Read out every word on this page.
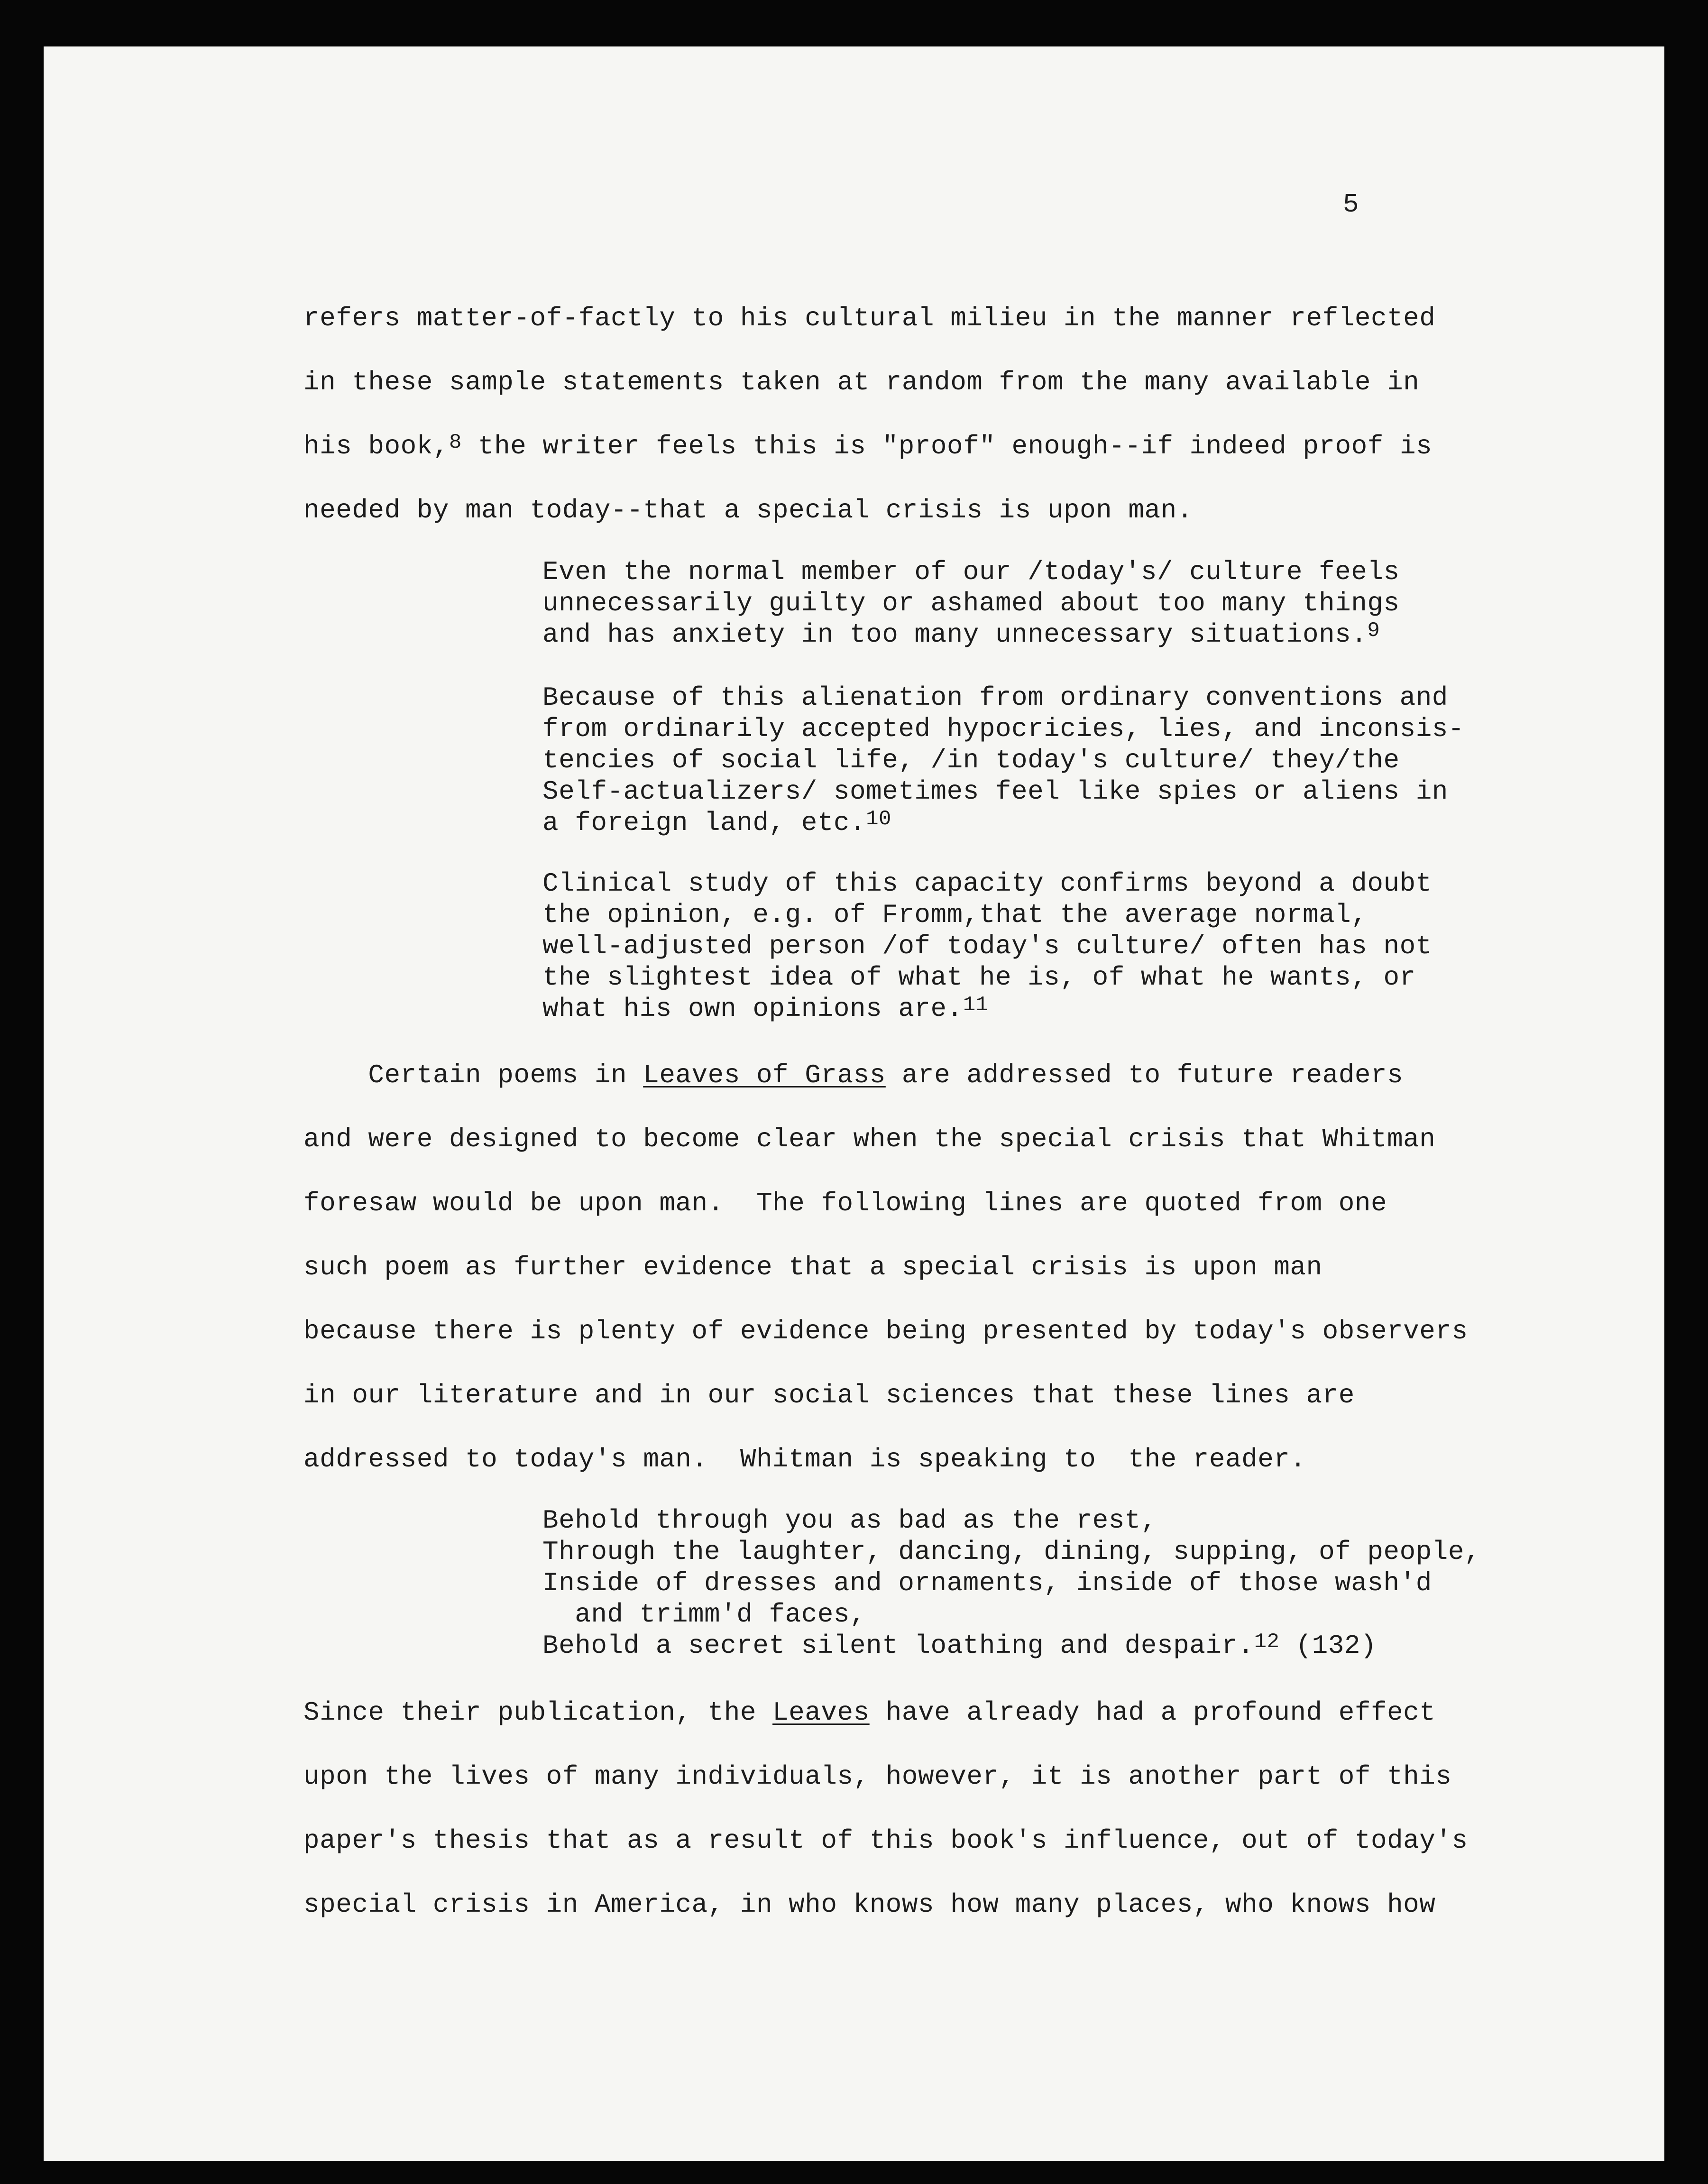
5
refers matter-of-factly to his cultural milieu in the manner reflected
in these sample statements taken at random from the many available in
his book,$^8$ the writer feels this is "proof" enough--if indeed proof is
needed by man today--that a special crisis is upon man.
Even the normal member of our /today's/ culture feels
unnecessarily guilty or ashamed about too many things
and has anxiety in too many unnecessary situations.$^9$
Because of this alienation from ordinary conventions and
from ordinarily accepted hypocricies, lies, and inconsis-
tencies of social life, /in today's culture/ they/the
Self-actualizers/ sometimes feel like spies or aliens in
a foreign land, etc.$^{10}$
Clinical study of this capacity confirms beyond a doubt
the opinion, e.g. of Fromm,that the average normal,
well-adjusted person /of today's culture/ often has not
the slightest idea of what he is, of what he wants, or
what his own opinions are.$^{11}$
Certain poems in Leaves of Grass are addressed to future readers
and were designed to become clear when the special crisis that Whitman
foresaw would be upon man.  The following lines are quoted from one
such poem as further evidence that a special crisis is upon man
because there is plenty of evidence being presented by today's observers
in our literature and in our social sciences that these lines are
addressed to today's man.  Whitman is speaking to  the reader.
Behold through you as bad as the rest,
Through the laughter, dancing, dining, supping, of people,
Inside of dresses and ornaments, inside of those wash'd
and trimm'd faces,
Behold a secret silent loathing and despair.$^{12}$ (132)
Since their publication, the Leaves have already had a profound effect
upon the lives of many individuals, however, it is another part of this
paper's thesis that as a result of this book's influence, out of today's
special crisis in America, in who knows how many places, who knows how
